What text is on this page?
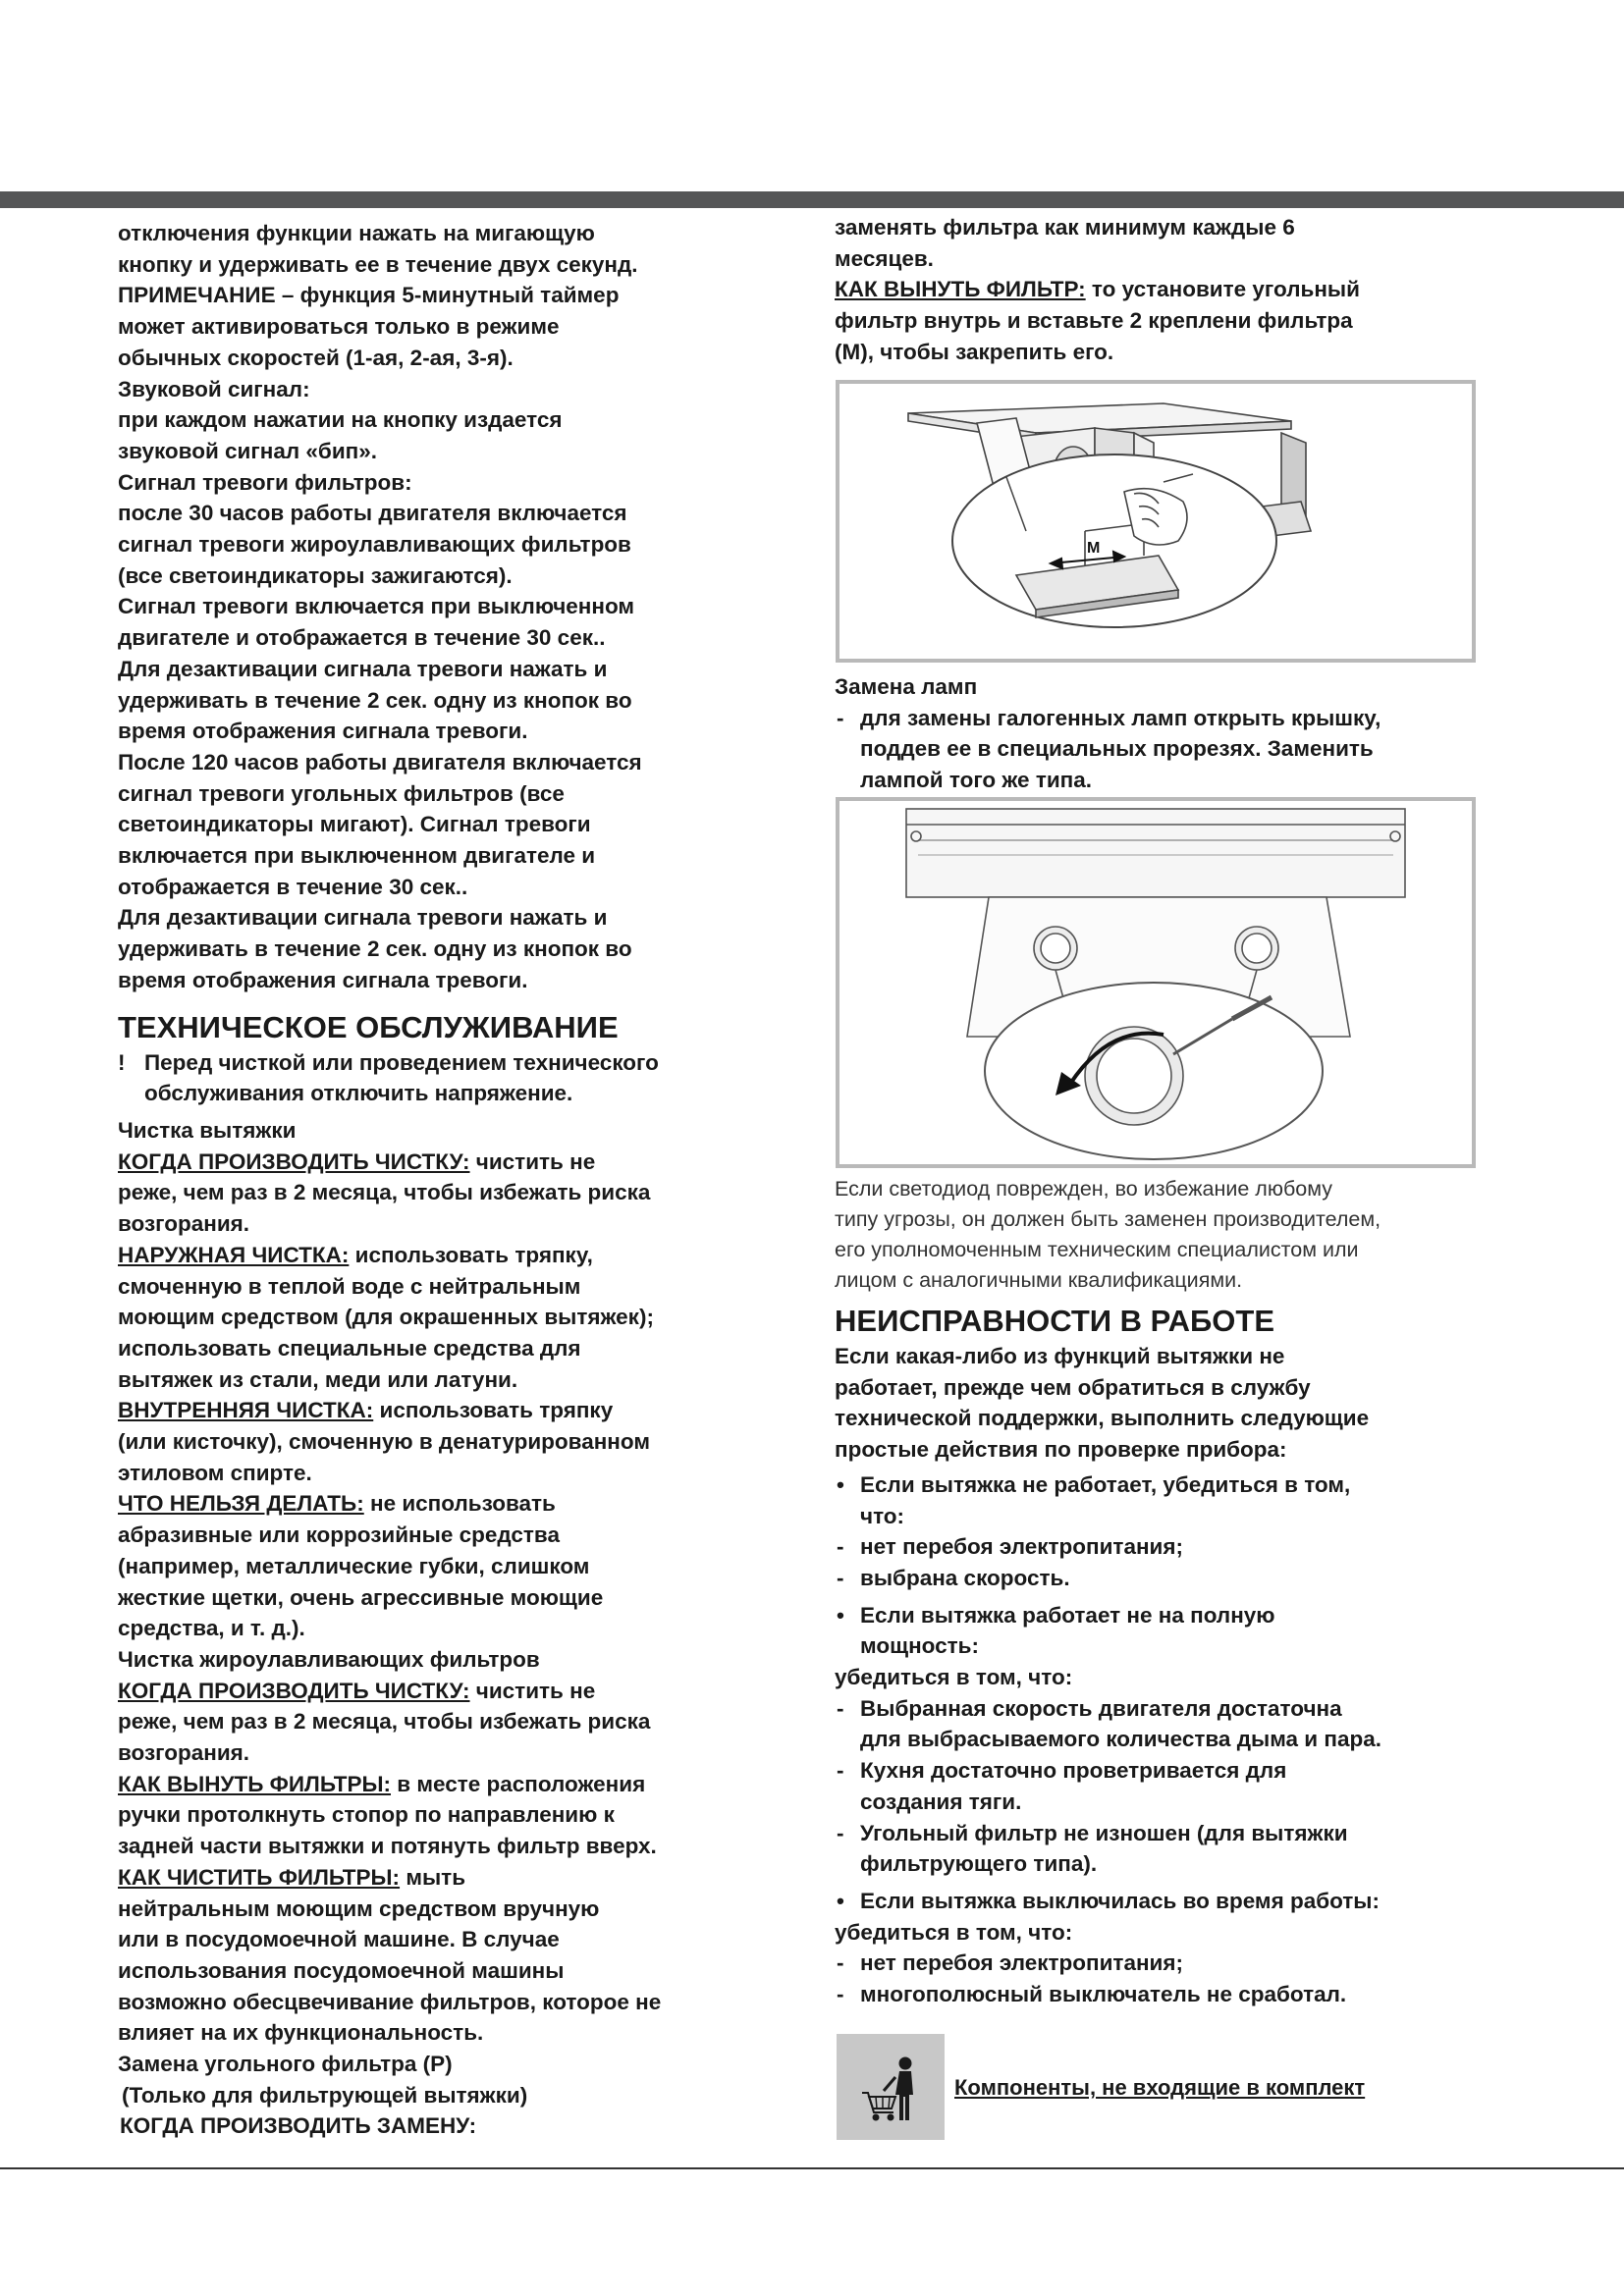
отключения функции нажать на мигающую

кнопку и удерживать ее в течение двух секунд.

ПРИМЕЧАНИЕ – функция 5-минутный таймер

может активироваться только в режиме

обычных скоростей (1-ая, 2-ая, 3-я).

Звуковой сигнал:

при каждом нажатии на кнопку издается

звуковой сигнал «бип».

Сигнал тревоги фильтров:

после 30 часов работы двигателя включается

сигнал тревоги жироулавливающих фильтров

(все светоиндикаторы зажигаются).

Сигнал тревоги включается при выключенном

двигателе и отображается в течение 30 сек..

Для дезактивации сигнала тревоги нажать и

удерживать в течение 2 сек. одну из кнопок во

время отображения сигнала тревоги.

После 120 часов работы двигателя включается

сигнал тревоги угольных фильтров (все

светоиндикаторы мигают). Сигнал тревоги

включается при выключенном двигателе и

отображается в течение 30 сек..

Для дезактивации сигнала тревоги нажать и

удерживать в течение 2 сек. одну из кнопок во

время отображения сигнала тревоги.

ТЕХНИЧЕСКОЕ ОБСЛУЖИВАНИЕ

! Перед чисткой или проведением технического

обслуживания отключить напряжение.

Чистка вытяжки

КОГДА ПРОИЗВОДИТЬ ЧИСТКУ: чистить не

реже, чем раз в 2 месяца, чтобы избежать риска

возгорания.

НАРУЖНАЯ ЧИСТКА: использовать тряпку,

смоченную в теплой воде с нейтральным

моющим средством (для окрашенных вытяжек);

использовать специальные средства для

вытяжек из стали, меди или латуни.

ВНУТРЕННЯЯ ЧИСТКА: использовать тряпку

(или кисточку), смоченную в денатурированном

этиловом спирте.

ЧТО НЕЛЬЗЯ ДЕЛАТЬ: не использовать

абразивные или коррозийные средства

(например, металлические губки, слишком

жесткие щетки, очень агрессивные моющие

средства, и т. д.).

Чистка жироулавливающих фильтров

КОГДА ПРОИЗВОДИТЬ ЧИСТКУ: чистить не

реже, чем раз в 2 месяца, чтобы избежать риска

возгорания.

КАК ВЫНУТЬ ФИЛЬТРЫ: в месте расположения

ручки протолкнуть стопор по направлению к

задней части вытяжки и потянуть фильтр вверх.

КАК ЧИСТИТЬ ФИЛЬТРЫ: мыть

нейтральным моющим средством вручную

или в посудомоечной машине. В случае

использования посудомоечной машины

возможно обесцвечивание фильтров, которое не

влияет на их функциональность.

Замена угольного фильтра (P)

(Только для фильтрующей вытяжки)

КОГДА ПРОИЗВОДИТЬ ЗАМЕНУ:

заменять фильтра как минимум каждые 6

месяцев.

КАК ВЫНУТЬ ФИЛЬТР: то установите угольный

фильтр внутрь и вставьте 2 креплени фильтра

(M), чтобы закрепить его.

M

Замена ламп

- для замены галогенных ламп открыть крышку,

поддев ее в специальных прорезях. Заменить

лампой того же типа.

Если светодиод поврежден, во избежание любому

типу угрозы, он должен быть заменен производителем,

его уполномоченным техническим специалистом или

лицом с аналогичными квалификациями.

НЕИСПРАВНОСТИ В РАБОТЕ

Если какая-либо из функций вытяжки не

работает, прежде чем обратиться в службу

технической поддержки, выполнить следующие

простые действия по проверке прибора:

• Если вытяжка не работает, убедиться в том,

что:

- нет перебоя электропитания;

- выбрана скорость.

• Если вытяжка работает не на полную

мощность:

убедиться в том, что:

- Выбранная скорость двигателя достаточна

для выбрасываемого количества дыма и пара.

- Кухня достаточно проветривается для

создания тяги.

- Угольный фильтр не изношен (для вытяжки

фильтрующего типа).

• Если вытяжка выключилась во время работы:

убедиться в том, что:

- нет перебоя электропитания;

- многополюсный выключатель не сработал.

Компоненты, не входящие в комплект
